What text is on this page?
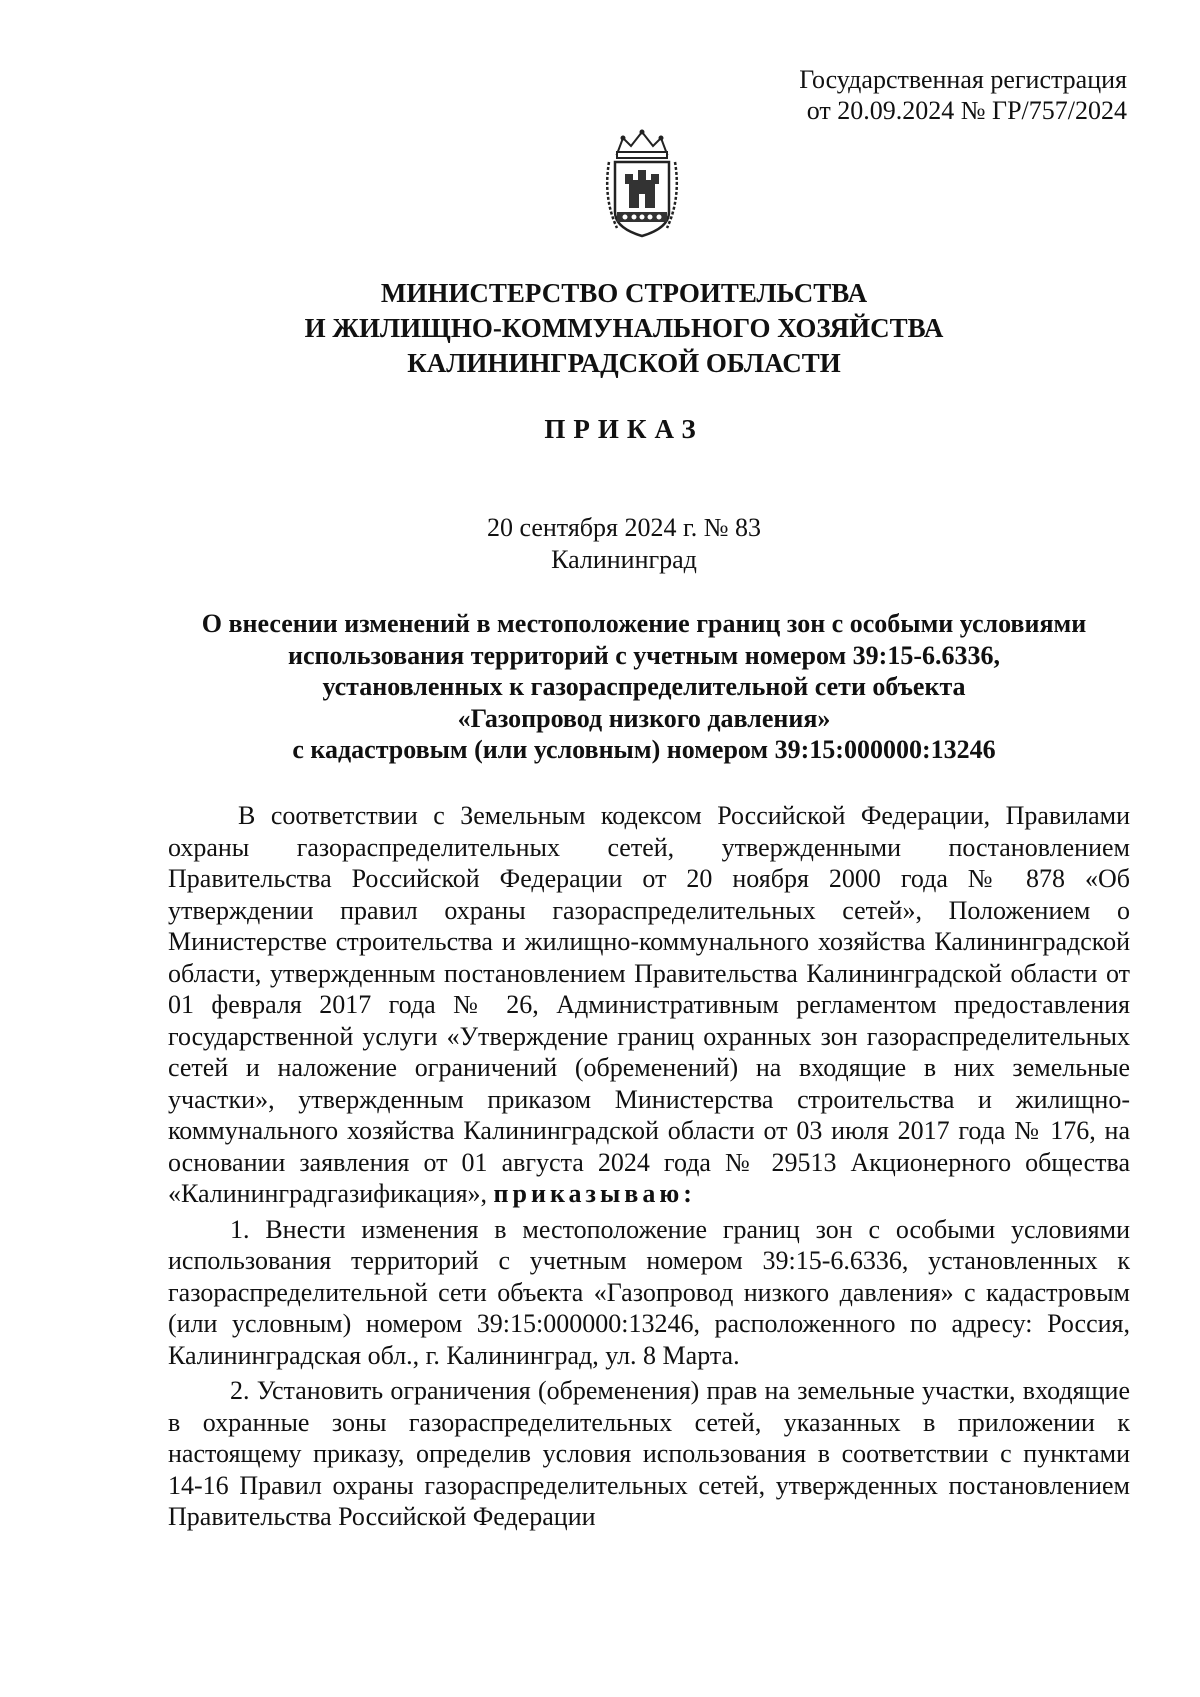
Государственная регистрация
от 20.09.2024 № ГР/757/2024
МИНИСТЕРСТВО СТРОИТЕЛЬСТВА
И ЖИЛИЩНО-КОММУНАЛЬНОГО ХОЗЯЙСТВА
КАЛИНИНГРАДСКОЙ ОБЛАСТИ
ПРИКАЗ
20 сентября 2024 г. № 83
Калининград
О внесении изменений в местоположение границ зон с особыми условиями
использования территорий с учетным номером 39:15-6.6336,
установленных к газораспределительной сети объекта
«Газопровод низкого давления»
с кадастровым (или условным) номером 39:15:000000:13246

В соответствии с Земельным кодексом Российской Федерации, Правилами охраны газораспределительных сетей, утвержденными постановлением Правительства Российской Федерации от 20 ноября 2000 года № 878 «Об утверждении правил охраны газораспределительных сетей», Положением о Министерстве строительства и жилищно-коммунального хозяйства Калининградской области, утвержденным постановлением Правительства Калининградской области от 01 февраля 2017 года № 26, Административным регламентом предоставления государственной услуги «Утверждение границ охранных зон газораспределительных сетей и наложение ограничений (обременений) на входящие в них земельные участки», утвержденным приказом Министерства строительства и жилищно-коммунального хозяйства Калининградской области от 03 июля 2017 года № 176, на основании заявления от 01 августа 2024 года № 29513 Акционерного общества «Калининградгазификация», приказываю:

1. Внести изменения в местоположение границ зон с особыми условиями использования территорий с учетным номером 39:15-6.6336, установленных к газораспределительной сети объекта «Газопровод низкого давления» с кадастровым (или условным) номером 39:15:000000:13246, расположенного по адресу: Россия, Калининградская обл., г. Калининград, ул. 8 Марта.

2. Установить ограничения (обременения) прав на земельные участки, входящие в охранные зоны газораспределительных сетей, указанных в приложении к настоящему приказу, определив условия использования в соответствии с пунктами 14-16 Правил охраны газораспределительных сетей, утвержденных постановлением Правительства Российской Федерации
